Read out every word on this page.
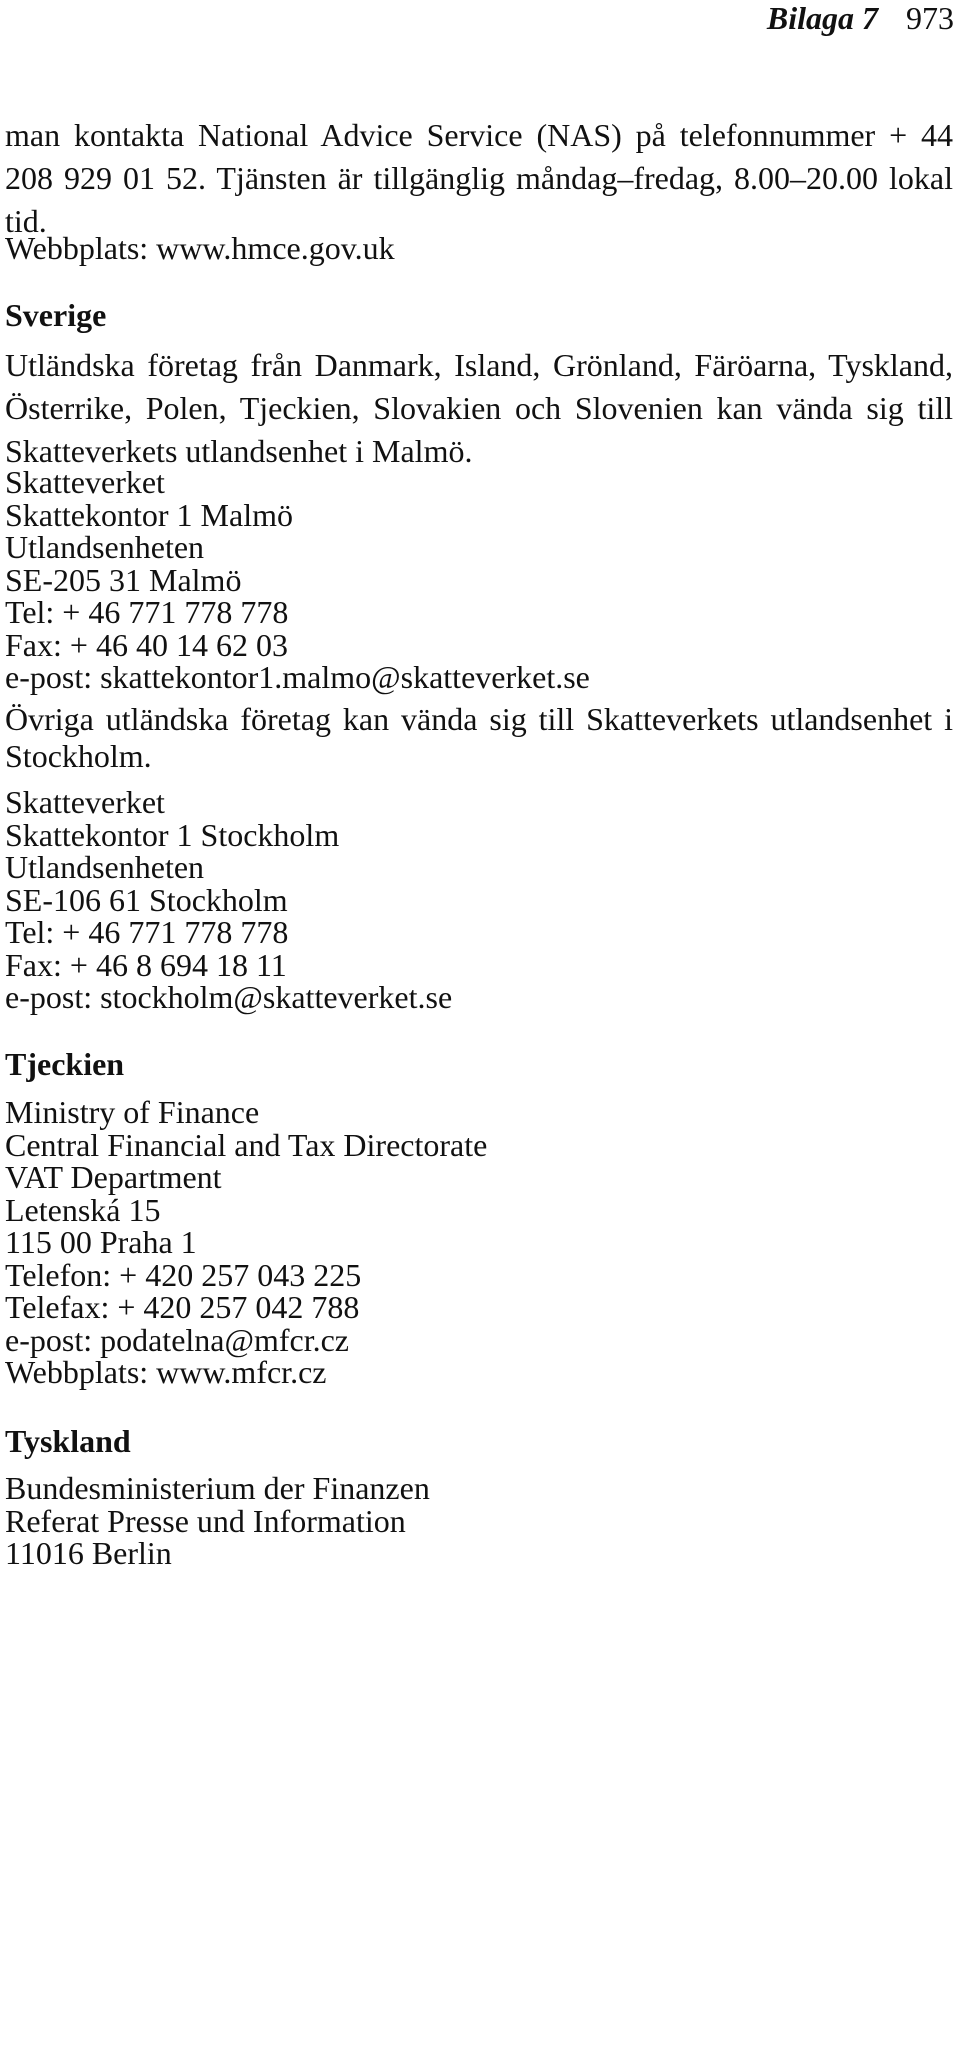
Bilaga 7 973

man kontakta National Advice Service (NAS) på telefonnummer + 44 208 929 01 52. Tjänsten är tillgänglig måndag–fredag, 8.00–20.00 lokal tid.

Webbplats: www.hmce.gov.uk
Sverige

Utländska företag från Danmark, Island, Grönland, Färöarna, Tyskland, Österrike, Polen, Tjeckien, Slovakien och Slovenien kan vända sig till Skatteverkets utlandsenhet i Malmö.

Skatteverket
Skattekontor 1 Malmö
Utlandsenheten
SE-205 31 Malmö
Tel: + 46 771 778 778
Fax: + 46 40 14 62 03
e-post: skattekontor1.malmo@skatteverket.se

Övriga utländska företag kan vända sig till Skatteverkets utlandsenhet i Stockholm.

Skatteverket
Skattekontor 1 Stockholm
Utlandsenheten
SE-106 61 Stockholm
Tel: + 46 771 778 778
Fax: + 46 8 694 18 11
e-post: stockholm@skatteverket.se
Tjeckien
Ministry of Finance
Central Financial and Tax Directorate
VAT Department
Letenská 15
115 00 Praha 1
Telefon: + 420 257 043 225
Telefax: + 420 257 042 788
e-post: podatelna@mfcr.cz
Webbplats: www.mfcr.cz
Tyskland
Bundesministerium der Finanzen
Referat Presse und Information
11016 Berlin
